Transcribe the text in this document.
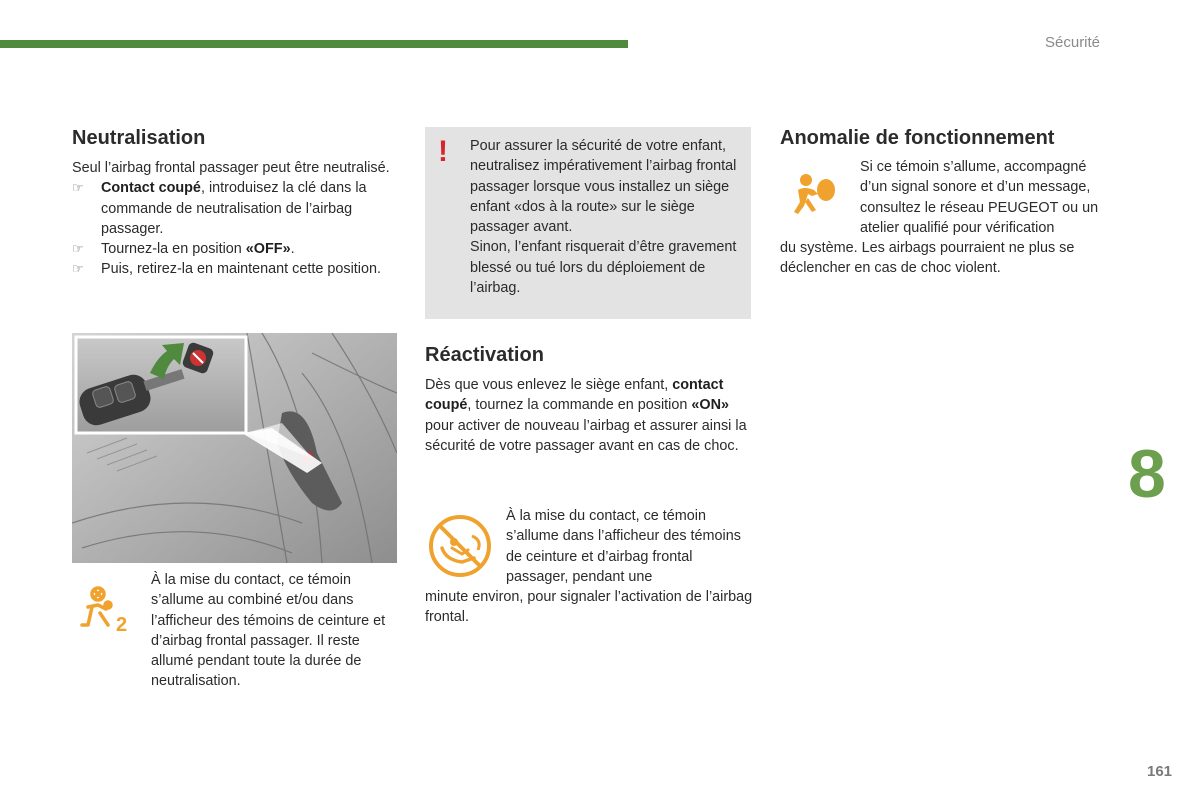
Sécurité
8
161
Neutralisation

Seul l’airbag frontal passager peut être neutralisé.

☞ Contact coupé, introduisez la clé dans la commande de neutralisation de l’airbag passager.
☞ Tournez-la en position «OFF».
☞ Puis, retirez-la en maintenant cette position.
2

À la mise du contact, ce témoin s’allume au combiné et/ou dans l’afficheur des témoins de ceinture et d’airbag frontal passager. Il reste allumé pendant toute la durée de neutralisation.

! Pour assurer la sécurité de votre enfant, neutralisez impérativement l’airbag frontal passager lorsque vous installez un siège enfant «dos à la route» sur le siège passager avant.

Sinon, l’enfant risquerait d’être gravement blessé ou tué lors du déploiement de l’airbag.

Réactivation

Dès que vous enlevez le siège enfant, contact coupé, tournez la commande en position «ON» pour activer de nouveau l’airbag et assurer ainsi la sécurité de votre passager avant en cas de choc.

À la mise du contact, ce témoin s’allume dans l’afficheur des témoins de ceinture et d’airbag frontal passager, pendant une
minute environ, pour signaler l’activation de l’airbag frontal.
Anomalie de fonctionnement
Si ce témoin s’allume, accompagné d’un signal sonore et d’un message, consultez le réseau PEUGEOT ou un atelier qualifié pour vérification
du système. Les airbags pourraient ne plus se déclencher en cas de choc violent.
